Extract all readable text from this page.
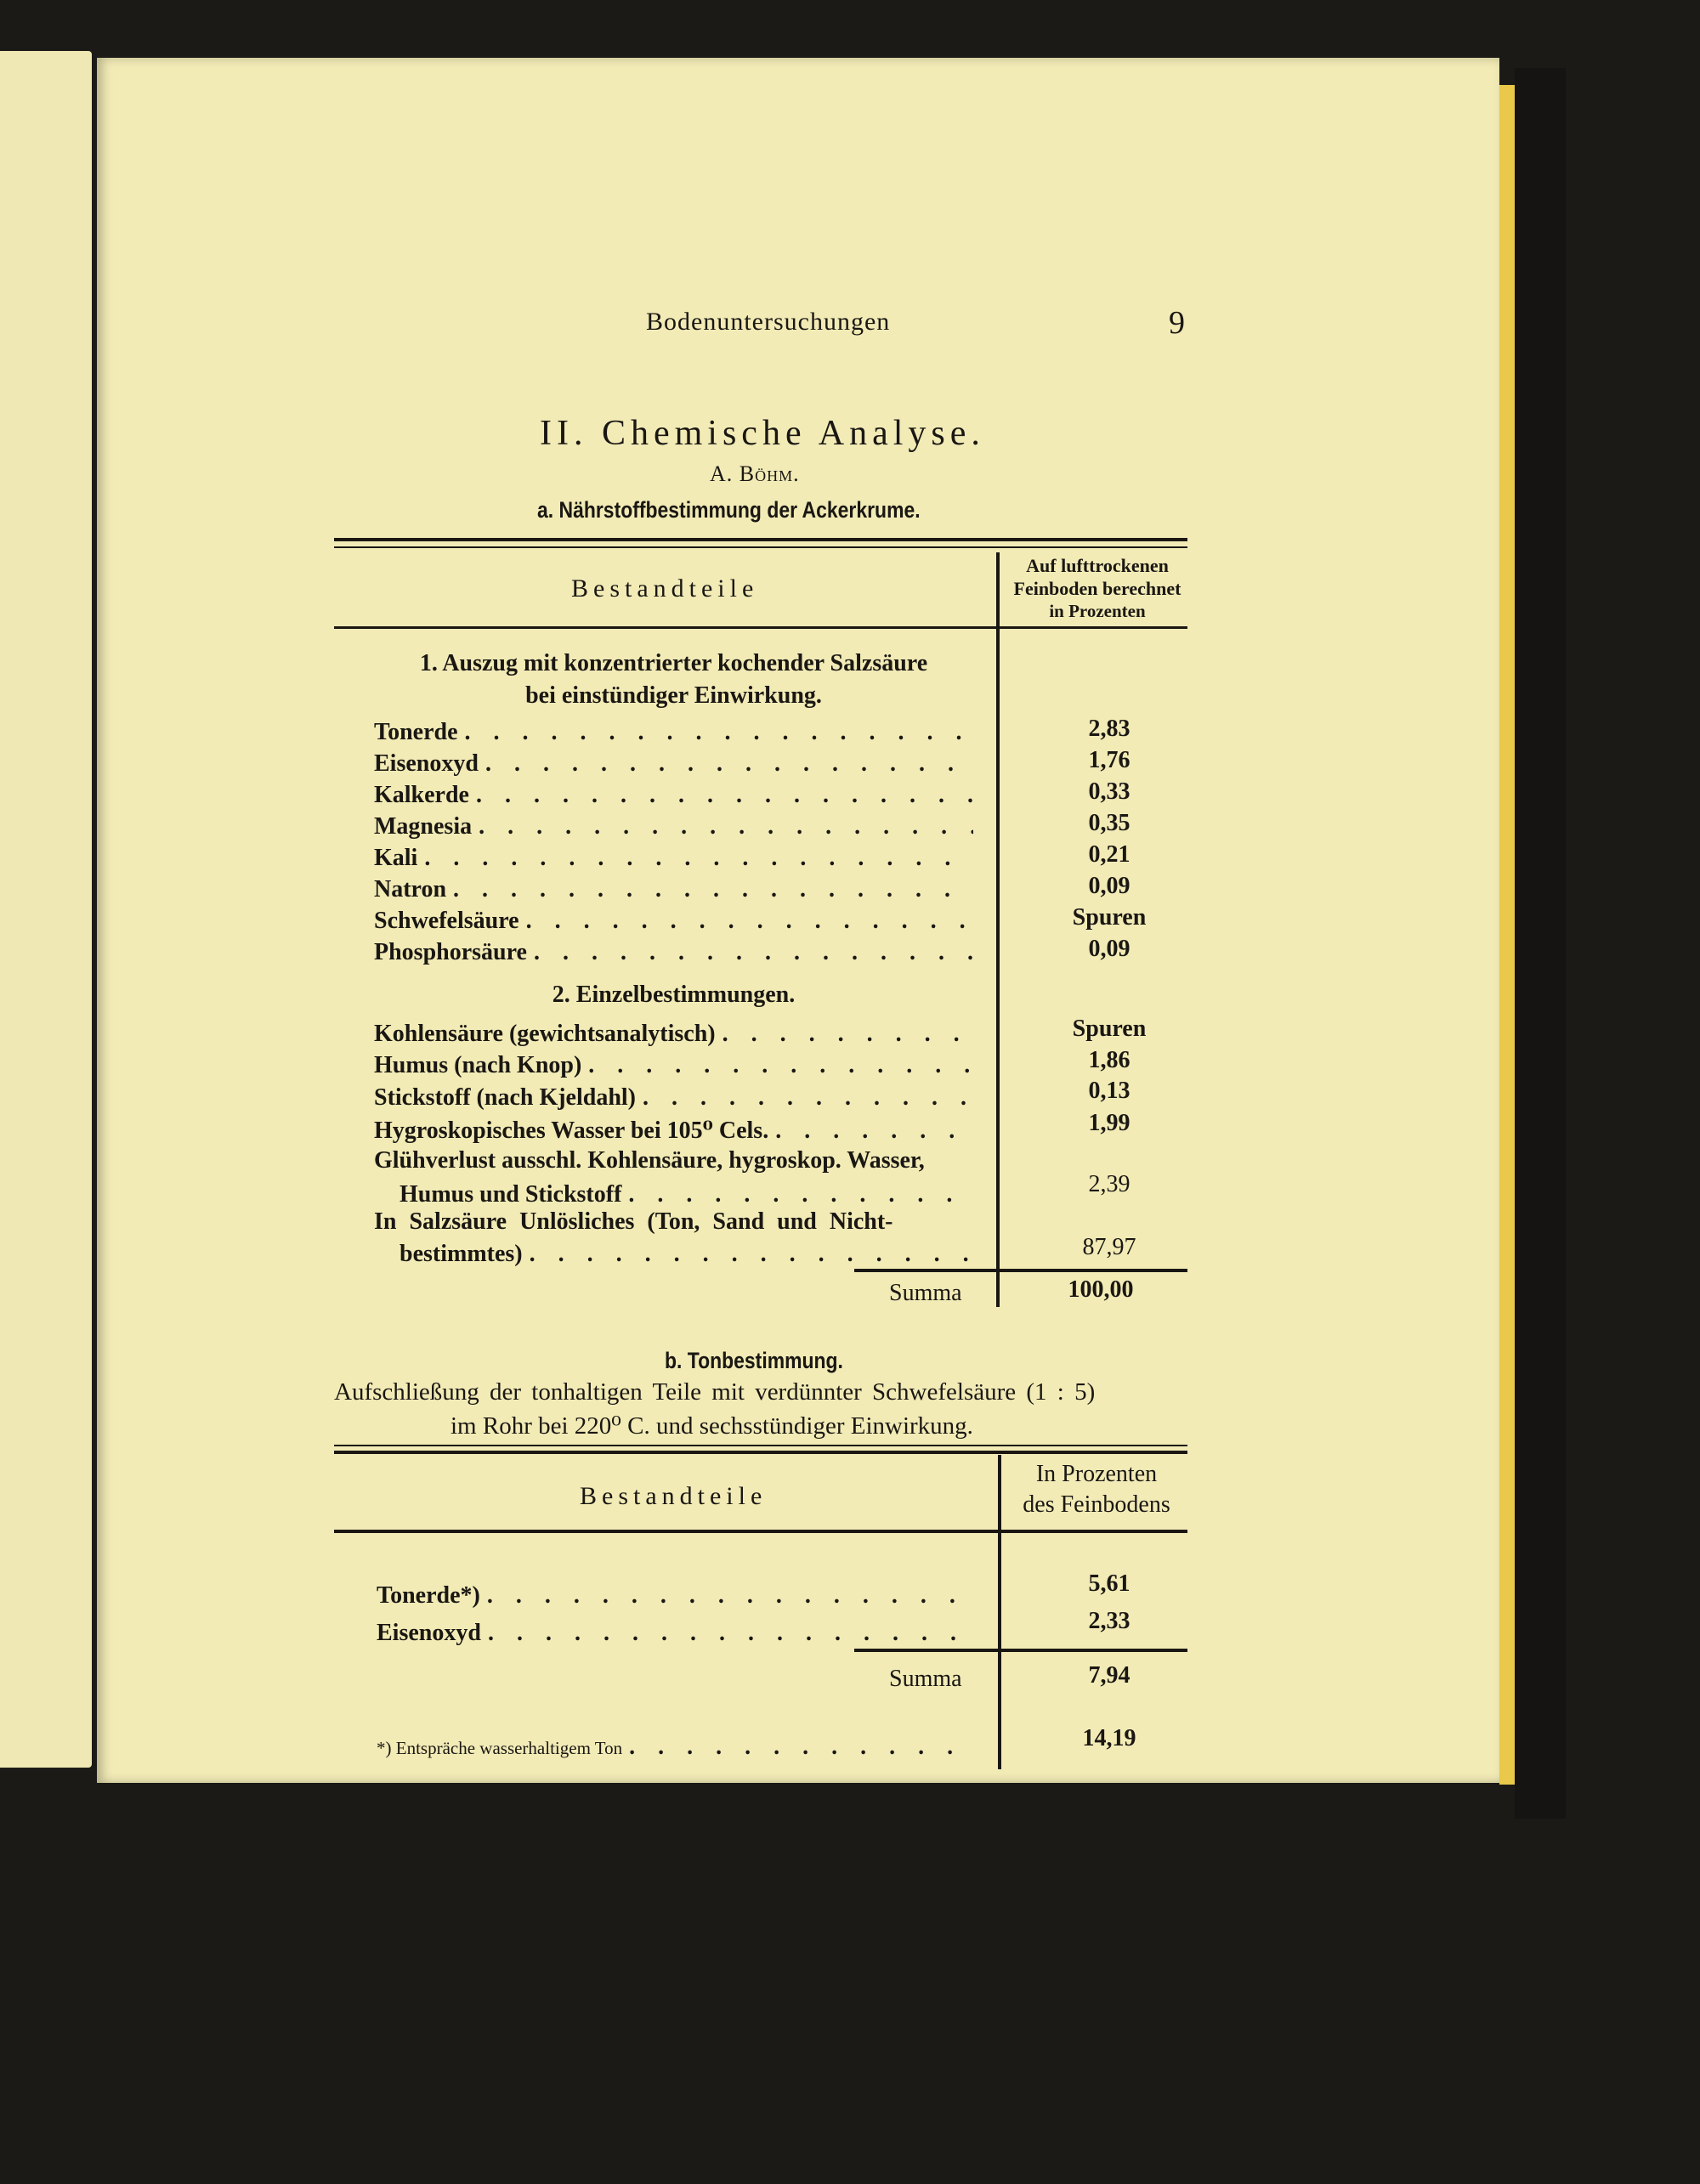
Bodenuntersuchungen	9
II. Chemische Analyse.
A. Böhm.
a. Nährstoffbestimmung der Ackerkrume.
Bestandteile
Auf lufttrockenen
Feinboden berechnet
in Prozenten
1. Auszug mit konzentrierter kochender Salzsäure
bei einstündiger Einwirkung.
Tonerde . . .	2,83
Eisenoxyd . . .	1,76
Kalkerde . . .	0,33
Magnesia . . .	0,35
Kali . . .	0,21
Natron . . .	0,09
Schwefelsäure . . .	Spuren
Phosphorsäure . . .	0,09
2. Einzelbestimmungen.
Kohlensäure (gewichtsanalytisch) . . .	Spuren
Humus (nach Knop) . . .	1,86
Stickstoff (nach Kjeldahl) . . .	0,13
Hygroskopisches Wasser bei 105⁰ Cels. . . .	1,99
Glühverlust ausschl. Kohlensäure, hygroskop. Wasser,
Humus und Stickstoff . . .	2,39
In Salzsäure Unlösliches (Ton, Sand und Nicht-
bestimmtes) . . .	87,97
Summa	100,00
b. Tonbestimmung.
Aufschließung der tonhaltigen Teile mit verdünnter Schwefelsäure (1 : 5)
im Rohr bei 220⁰ C. und sechsstündiger Einwirkung.
Bestandteile
In Prozenten
des Feinbodens
Tonerde*) . . .	5,61
Eisenoxyd . . .	2,33
Summa	7,94
*) Entspräche wasserhaltigem Ton . . .	14,19
